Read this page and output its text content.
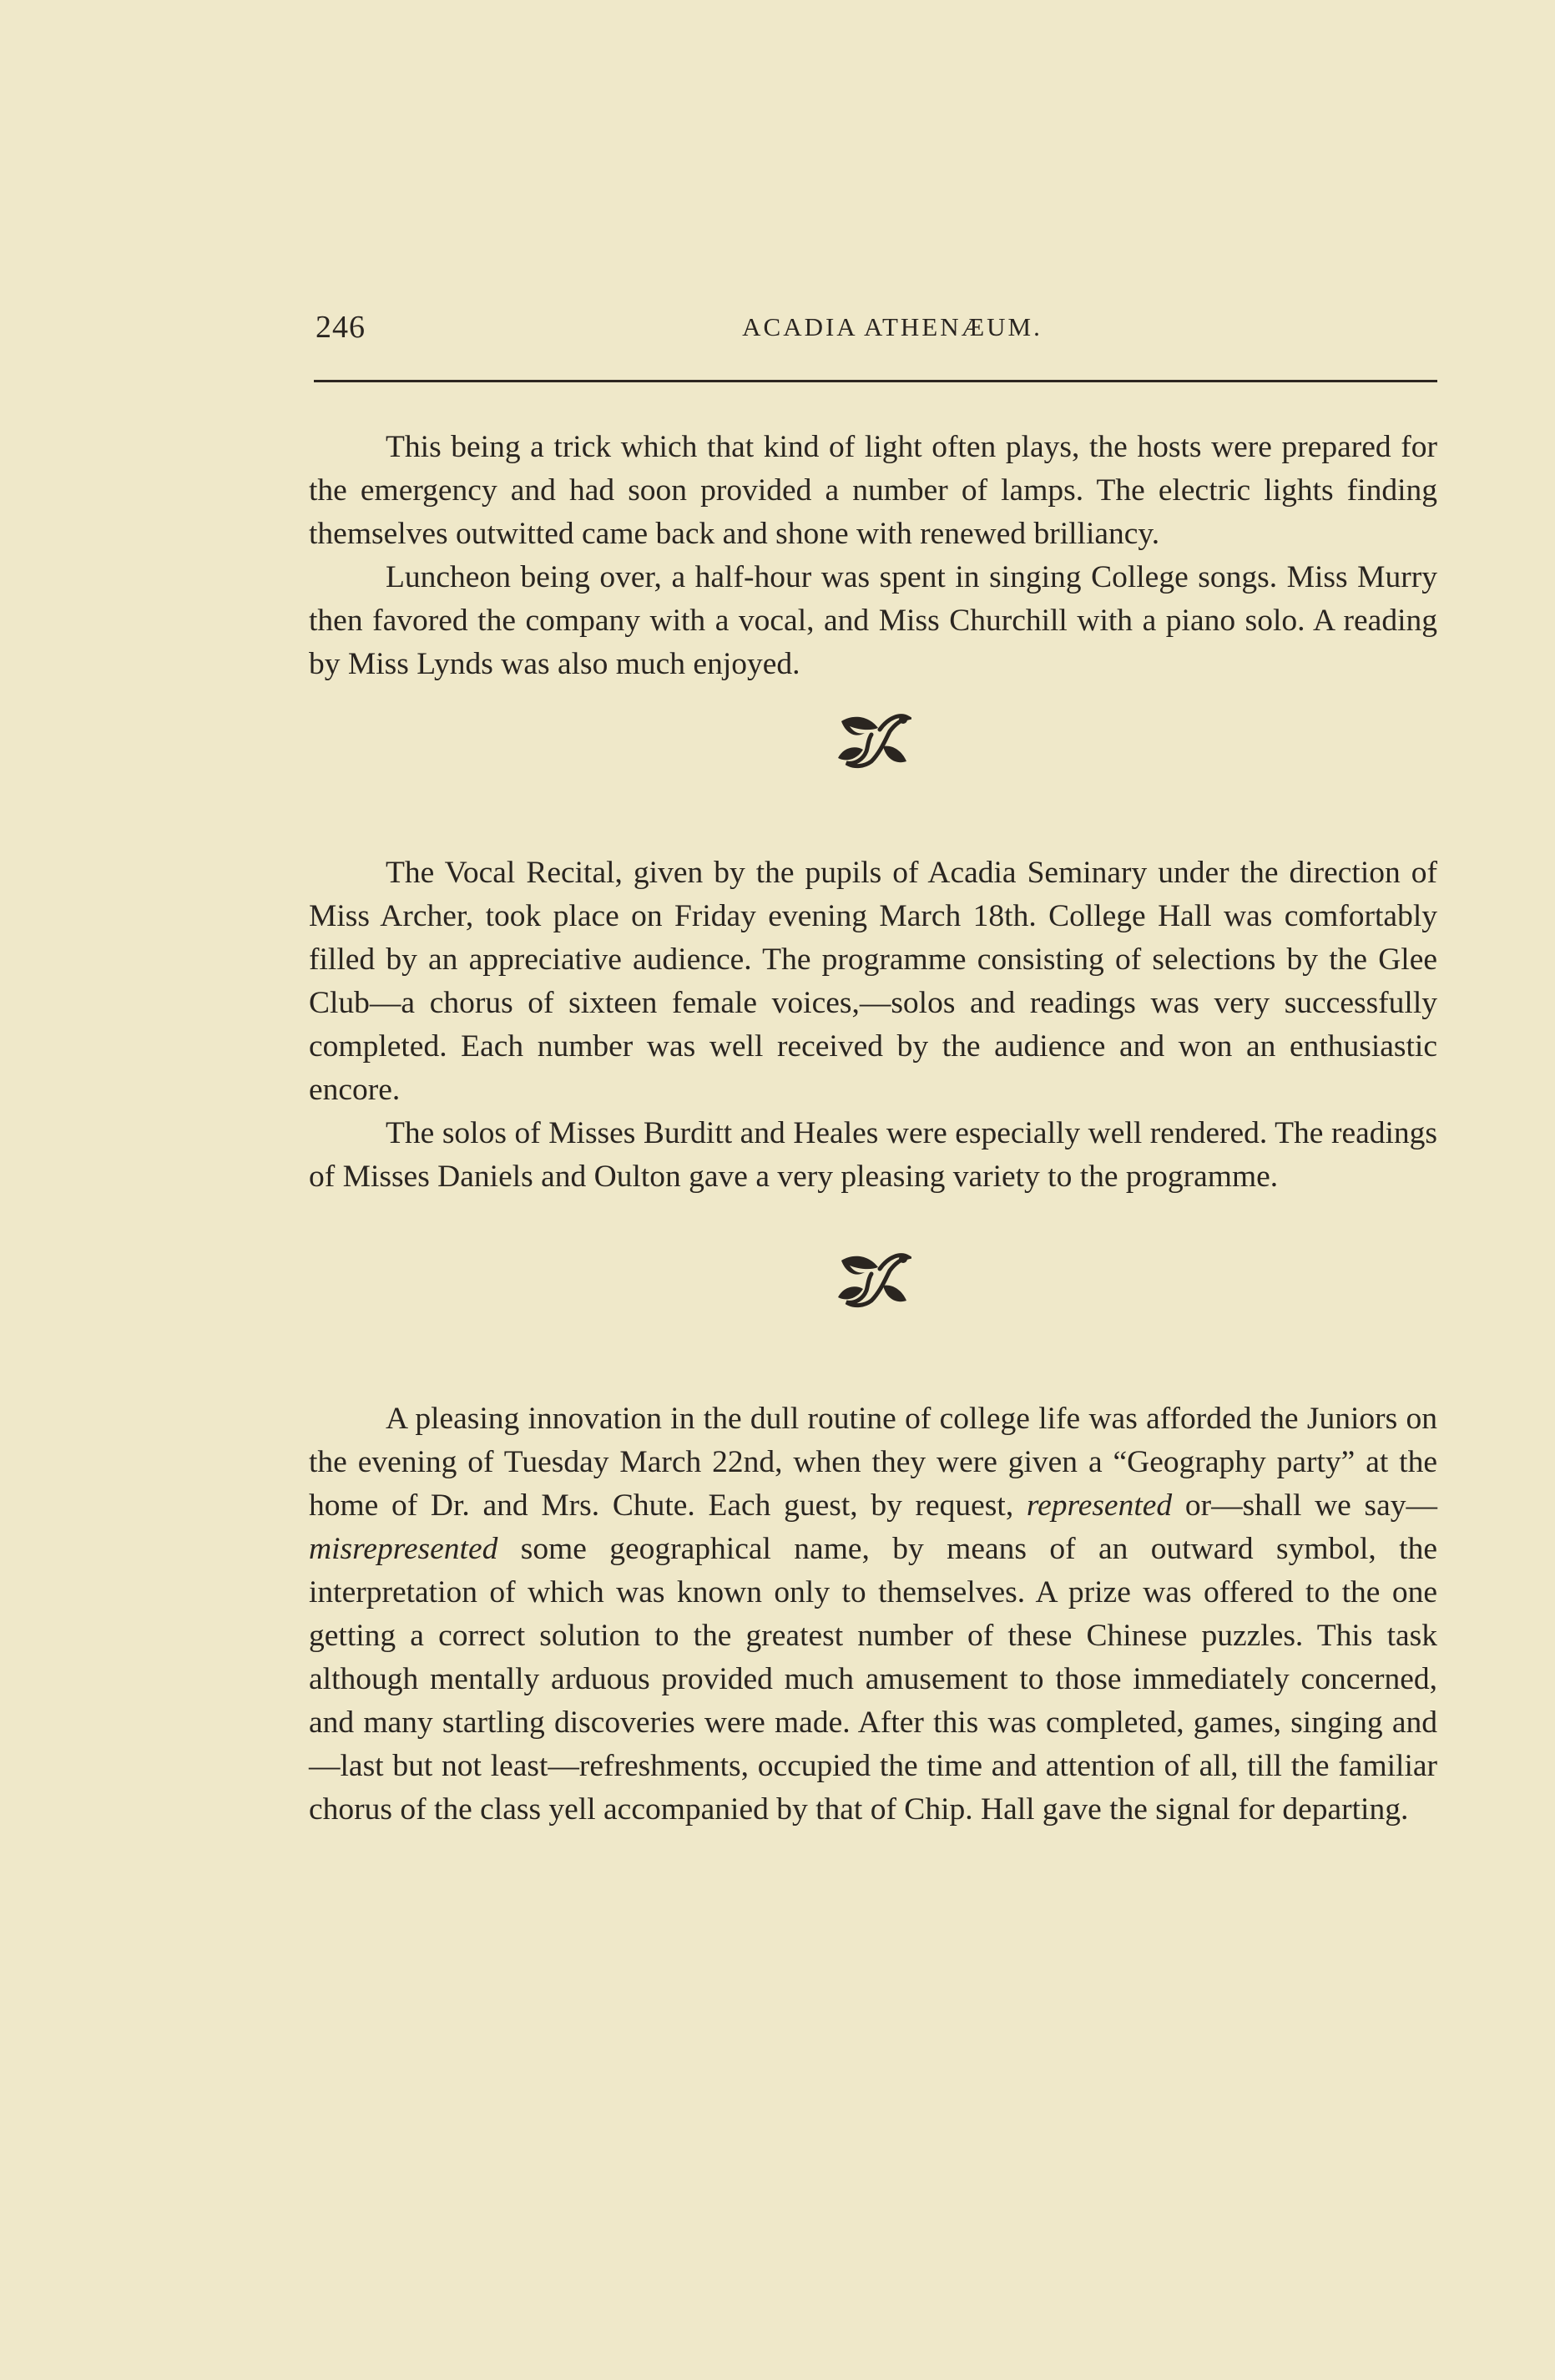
246	ACADIA ATHENÆUM.

This being a trick which that kind of light often plays, the hosts were prepared for the emergency and had soon provided a number of lamps. The electric lights finding themselves outwitted came back and shone with renewed brilliancy.

Luncheon being over, a half-hour was spent in singing College songs. Miss Murry then favored the company with a vocal, and Miss Churchill with a piano solo. A reading by Miss Lynds was also much enjoyed.

The Vocal Recital, given by the pupils of Acadia Seminary under the direction of Miss Archer, took place on Friday evening March 18th. College Hall was comfortably filled by an appreciative audience. The programme consisting of selections by the Glee Club—a chorus of sixteen female voices,—solos and readings was very successfully completed. Each number was well received by the audience and won an enthusiastic encore.

The solos of Misses Burditt and Heales were especially well rendered. The readings of Misses Daniels and Oulton gave a very pleasing variety to the programme.

A pleasing innovation in the dull routine of college life was afforded the Juniors on the evening of Tuesday March 22nd, when they were given a “Geography party” at the home of Dr. and Mrs. Chute. Each guest, by request, represented or—shall we say—misrepresented some geographical name, by means of an outward symbol, the interpretation of which was known only to themselves. A prize was offered to the one getting a correct solution to the greatest number of these Chinese puzzles. This task although mentally arduous provided much amusement to those immediately concerned, and many startling discoveries were made. After this was completed, games, singing and—last but not least—refreshments, occupied the time and attention of all, till the familiar chorus of the class yell accompanied by that of Chip. Hall gave the signal for departing.
